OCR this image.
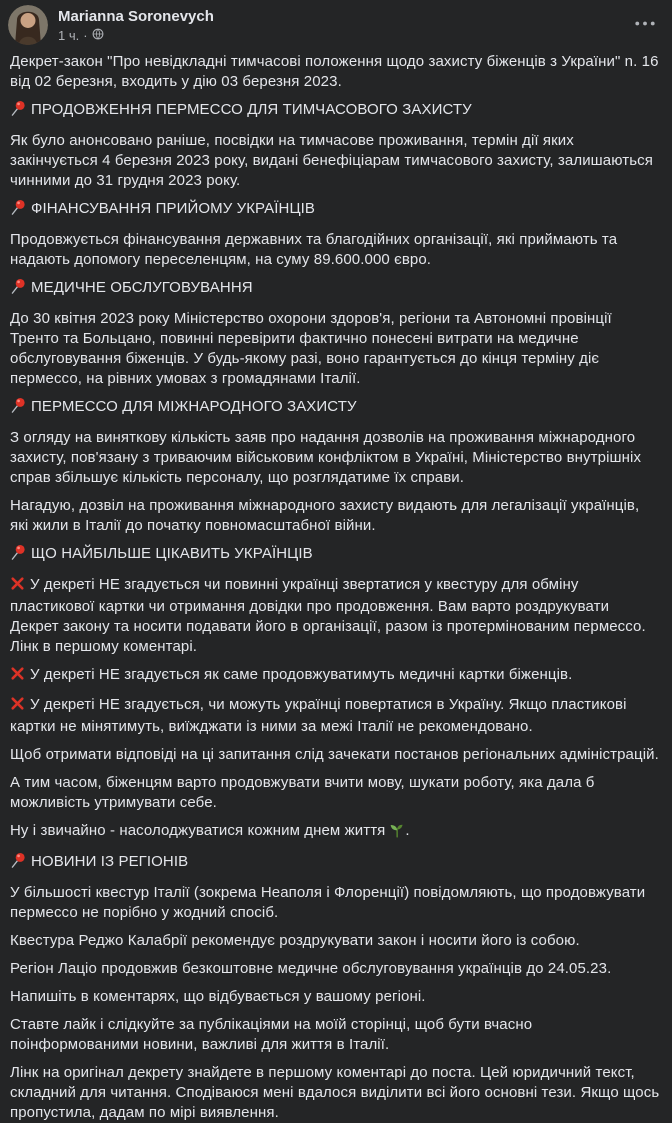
Marianna Soronevych
1 ч. ·

Декрет-закон "Про невідкладні тимчасові положення щодо захисту біженців з України" n. 16 від 02 березня, входить у дію 03 березня 2023.

ПРОДОВЖЕННЯ ПЕРМЕССО ДЛЯ ТИМЧАСОВОГО ЗАХИСТУ

Як було анонсовано раніше, посвідки на тимчасове проживання, термін дії яких закінчується 4 березня 2023 року, видані бенефіціарам тимчасового захисту, залишаються чинними до 31 грудня 2023 року.

ФІНАНСУВАННЯ ПРИЙОМУ УКРАЇНЦІВ

Продовжується фінансування державних та благодійних організації, які приймають та надають допомогу переселенцям, на суму 89.600.000 євро.

МЕДИЧНЕ ОБСЛУГОВУВАННЯ

До 30 квітня 2023 року Міністерство охорони здоров'я, регіони та Автономні провінції Тренто та Больцано, повинні перевірити фактично понесені витрати на медичне обслуговування біженців. У будь-якому разі, воно гарантується до кінця терміну діє пермессо, на рівних умовах з громадянами Італії.

ПЕРМЕССО ДЛЯ МІЖНАРОДНОГО ЗАХИСТУ

З огляду на виняткову кількість заяв про надання дозволів на проживання міжнародного захисту, пов'язану з триваючим військовим конфліктом в Україні, Міністерство внутрішніх справ збільшує кількість персоналу, що розглядатиме їх справи.

Нагадую, дозвіл на проживання міжнародного захисту видають для легалізації українців, які жили в Італії до початку повномасштабної війни.

ЩО НАЙБІЛЬШЕ ЦІКАВИТЬ УКРАЇНЦІВ

У декреті НЕ згадується чи повинні українці звертатися у квестуру для обміну пластикової картки чи отримання довідки про продовження. Вам варто роздрукувати Декрет закону та носити подавати його в організації, разом із протермінованим пермессо. Лінк в першому коментарі.

У декреті НЕ згадується як саме продовжуватимуть медичні картки біженців.

У декреті НЕ згадується, чи можуть українці повертатися в Україну. Якщо пластикові картки не мінятимуть, виїжджати із ними за межі Італії не рекомендовано.

Щоб отримати відповіді на ці запитання слід зачекати постанов регіональних адміністрацій.

А тим часом, біженцям варто продовжувати вчити мову, шукати роботу, яка дала б можливість утримувати себе.

Ну і звичайно - насолоджуватися кожним днем життя .

НОВИНИ ІЗ РЕГІОНІВ

У більшості квестур Італії (зокрема Неаполя і Флоренції) повідомляють, що продовжувати пермессо не порібно у жодний спосіб.

Квестура Реджо Калабрії рекомендує роздрукувати закон і носити його із собою.

Регіон Лаціо продовжив безкоштовне медичне обслуговування українців до 24.05.23.

Напишіть в коментарях, що відбувається у вашому регіоні.

Ставте лайк і слідкуйте за публікаціями на моїй сторінці, щоб бути вчасно поінформованими новини, важливі для життя в Італії.

Лінк на оригінал декрету знайдете в першому коментарі до поста. Цей юридичний текст, складний для читання. Сподіваюся мені вдалося виділити всі його основні тези. Якщо щось пропустила, дадам по мірі виявлення.
